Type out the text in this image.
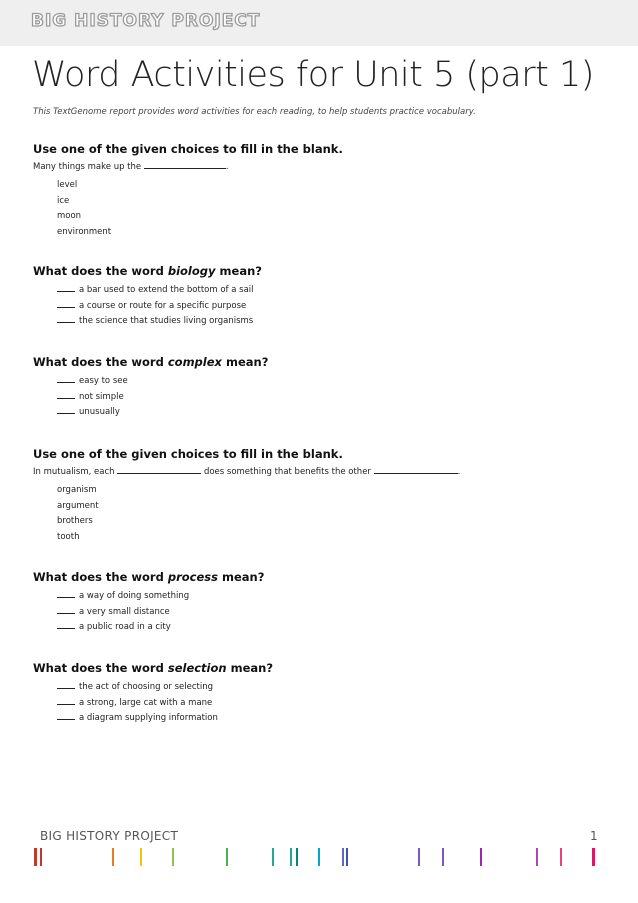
BIG HISTORY PROJECT
Word Activities for Unit 5 (part 1)
This TextGenome report provides word activities for each reading, to help students practice vocabulary.
Use one of the given choices to fill in the blank.
Many things make up the	.
level
ice
moon
environment
What does the word biology mean?
a bar used to extend the bottom of a sail
a course or route for a specific purpose
the science that studies living organisms
What does the word complex mean?
easy to see
not simple
unusually
Use one of the given choices to fill in the blank.
In mutualism, each	does something that benefits the other	.
organism
argument
brothers
tooth
What does the word process mean?
a way of doing something
a very small distance
a public road in a city
What does the word selection mean?
the act of choosing or selecting
a strong, large cat with a mane
a diagram supplying information
BIG HISTORY PROJECT	1
